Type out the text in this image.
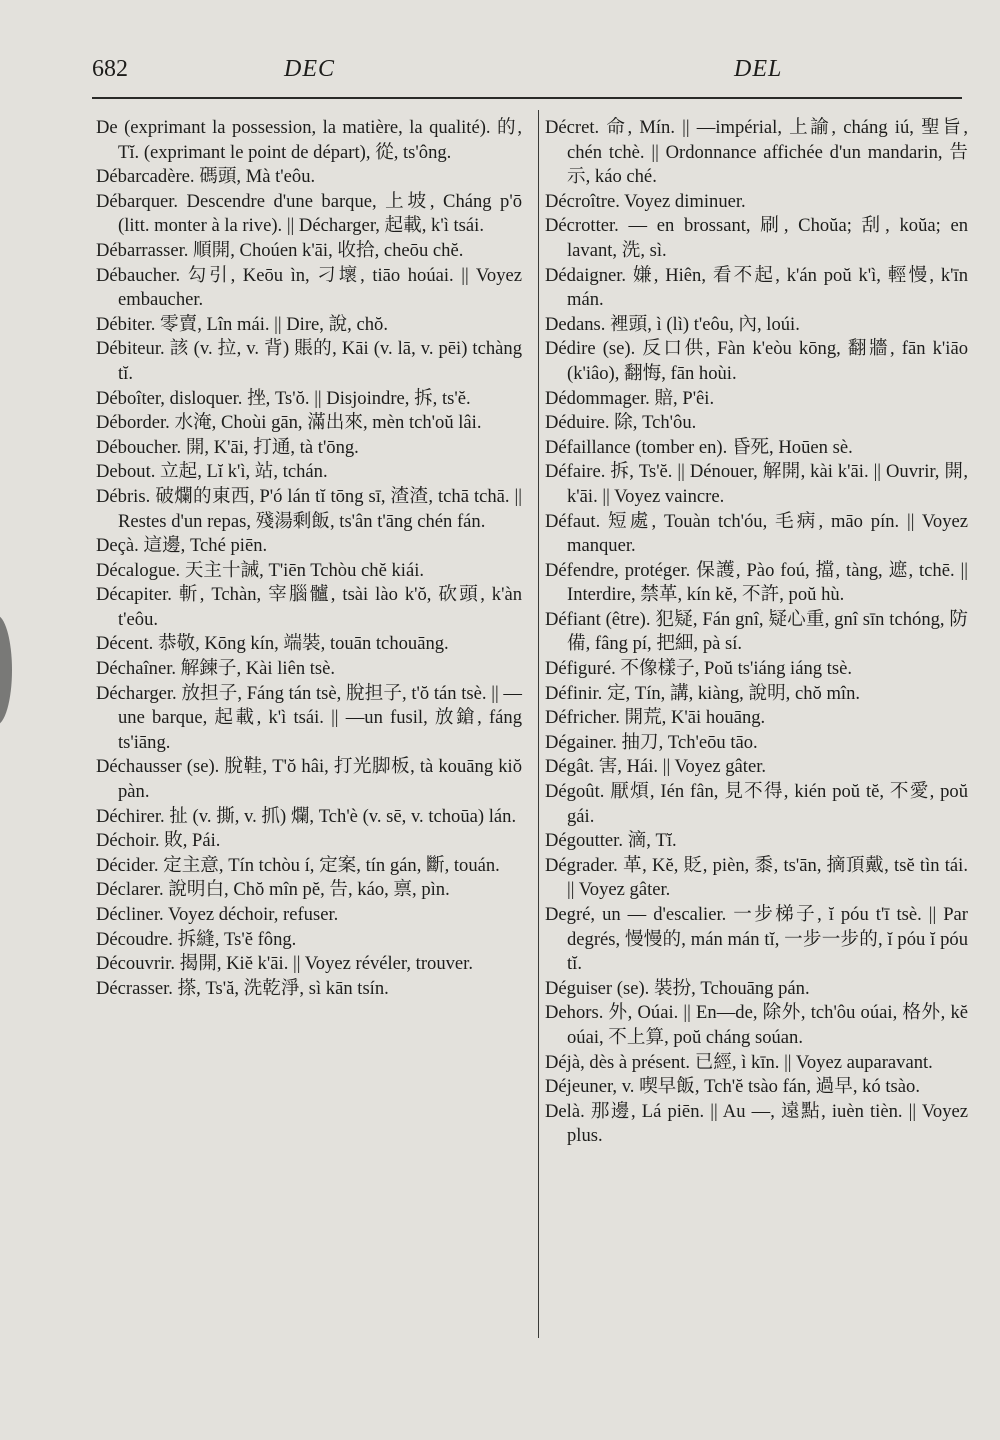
682	DEC	DEL

De (exprimant la possession, la matière, la qualité). 的, Tĭ. (exprimant le point de départ), 從, ts'ông.

Débarcadère. 碼頭, Mà t'eôu.

Débarquer. Descendre d'une barque, 上坡, Cháng p'ō (litt. monter à la rive). || Décharger, 起載, k'ì tsái.

Débarrasser. 順開, Choúen k'āi, 收拾, cheōu chĕ.

Débaucher. 勾引, Keōu ìn, 刁壞, tiāo hoúai. || Voyez embaucher.

Débiter. 零賣, Lîn mái. || Dire, 說, chŏ.

Débiteur. 該 (v. 拉, v. 背) 賬的, Kāi (v. lā, v. pēi) tchàng tĭ.

Déboîter, disloquer. 挫, Ts'ŏ. || Disjoindre, 拆, ts'ĕ.

Déborder. 水淹, Choùi gān, 滿出來, mèn tch'oŭ lâi.

Déboucher. 開, K'āi, 打通, tà t'ōng.

Debout. 立起, Lĭ k'ì, 站, tchán.

Débris. 破爛的東西, P'ó lán tĭ tōng sī, 渣渣, tchā tchā. || Restes d'un repas, 殘湯剩飯, ts'ân t'āng chén fán.

Deçà. 這邊, Tché piēn.

Décalogue. 天主十誡, T'iēn Tchòu chĕ kiái.

Décapiter. 斬, Tchàn, 宰腦髗, tsài lào k'ŏ, 砍頭, k'àn t'eôu.

Décent. 恭敬, Kōng kín, 端裝, touān tchouāng.

Déchaîner. 解鍊子, Kài liên tsè.

Décharger. 放担子, Fáng tán tsè, 脫担子, t'ŏ tán tsè. || —une barque, 起載, k'ì tsái. || —un fusil, 放鎗, fáng ts'iāng.

Déchausser (se). 脫鞋, T'ŏ hâi, 打光脚板, tà kouāng kiŏ pàn.

Déchirer. 扯 (v. 撕, v. 抓) 爛, Tch'è (v. sē, v. tchoūa) lán.

Déchoir. 敗, Pái.

Décider. 定主意, Tín tchòu í, 定案, tín gán, 斷, touán.

Déclarer. 說明白, Chŏ mîn pĕ, 告, káo, 禀, pìn.

Décliner. Voyez déchoir, refuser.

Découdre. 拆縫, Ts'ĕ fông.

Découvrir. 揭開, Kiĕ k'āi. || Voyez révéler, trouver.

Décrasser. 搽, Ts'ă, 洗乾淨, sì kān tsín.

Décret. 命, Mín. || —impérial, 上諭, cháng iú, 聖旨, chén tchè. || Ordonnance affichée d'un mandarin, 告示, káo ché.

Décroître. Voyez diminuer.

Décrotter. — en brossant, 刷, Choŭa; 刮, koŭa; en lavant, 洗, sì.

Dédaigner. 嫌, Hiên, 看不起, k'án poŭ k'ì, 輕慢, k'īn mán.

Dedans. 裡頭, ì (lì) t'eôu, 內, loúi.

Dédire (se). 反口供, Fàn k'eòu kōng, 翻牆, fān k'iāo (k'iâo), 翻悔, fān hoùi.

Dédommager. 賠, P'êi.

Déduire. 除, Tch'ôu.

Défaillance (tomber en). 昏死, Hoūen sè.

Défaire. 拆, Ts'ĕ. || Dénouer, 解開, kài k'āi. || Ouvrir, 開, k'āi. || Voyez vaincre.

Défaut. 短處, Touàn tch'óu, 毛病, māo pín. || Voyez manquer.

Défendre, protéger. 保護, Pào foú, 擋, tàng, 遮, tchē. || Interdire, 禁革, kín kĕ, 不許, poŭ hù.

Défiant (être). 犯疑, Fán gnî, 疑心重, gnî sīn tchóng, 防備, fâng pí, 把細, pà sí.

Défiguré. 不像樣子, Poŭ ts'iáng iáng tsè.

Définir. 定, Tín, 講, kiàng, 說明, chŏ mîn.

Défricher. 開荒, K'āi houāng.

Dégainer. 抽刀, Tch'eōu tāo.

Dégât. 害, Hái. || Voyez gâter.

Dégoût. 厭煩, Ién fân, 見不得, kién poŭ tĕ, 不愛, poŭ gái.

Dégoutter. 滴, Tĭ.

Dégrader. 革, Kĕ, 貶, pièn, 黍, ts'ān, 摘頂戴, tsĕ tìn tái. || Voyez gâter.

Degré, un — d'escalier. 一步梯子, ĭ póu t'ī tsè. || Par degrés, 慢慢的, mán mán tĭ, 一步一步的, ĭ póu ĭ póu tĭ.

Déguiser (se). 裝扮, Tchouāng pán.

Dehors. 外, Oúai. || En—de, 除外, tch'ôu oúai, 格外, kĕ oúai, 不上算, poŭ cháng soúan.

Déjà, dès à présent. 已經, ì kīn. || Voyez auparavant.

Déjeuner, v. 喫早飯, Tch'ĕ tsào fán, 過早, kó tsào.

Delà. 那邊, Lá piēn. || Au —, 遠點, iuèn tièn. || Voyez plus.
